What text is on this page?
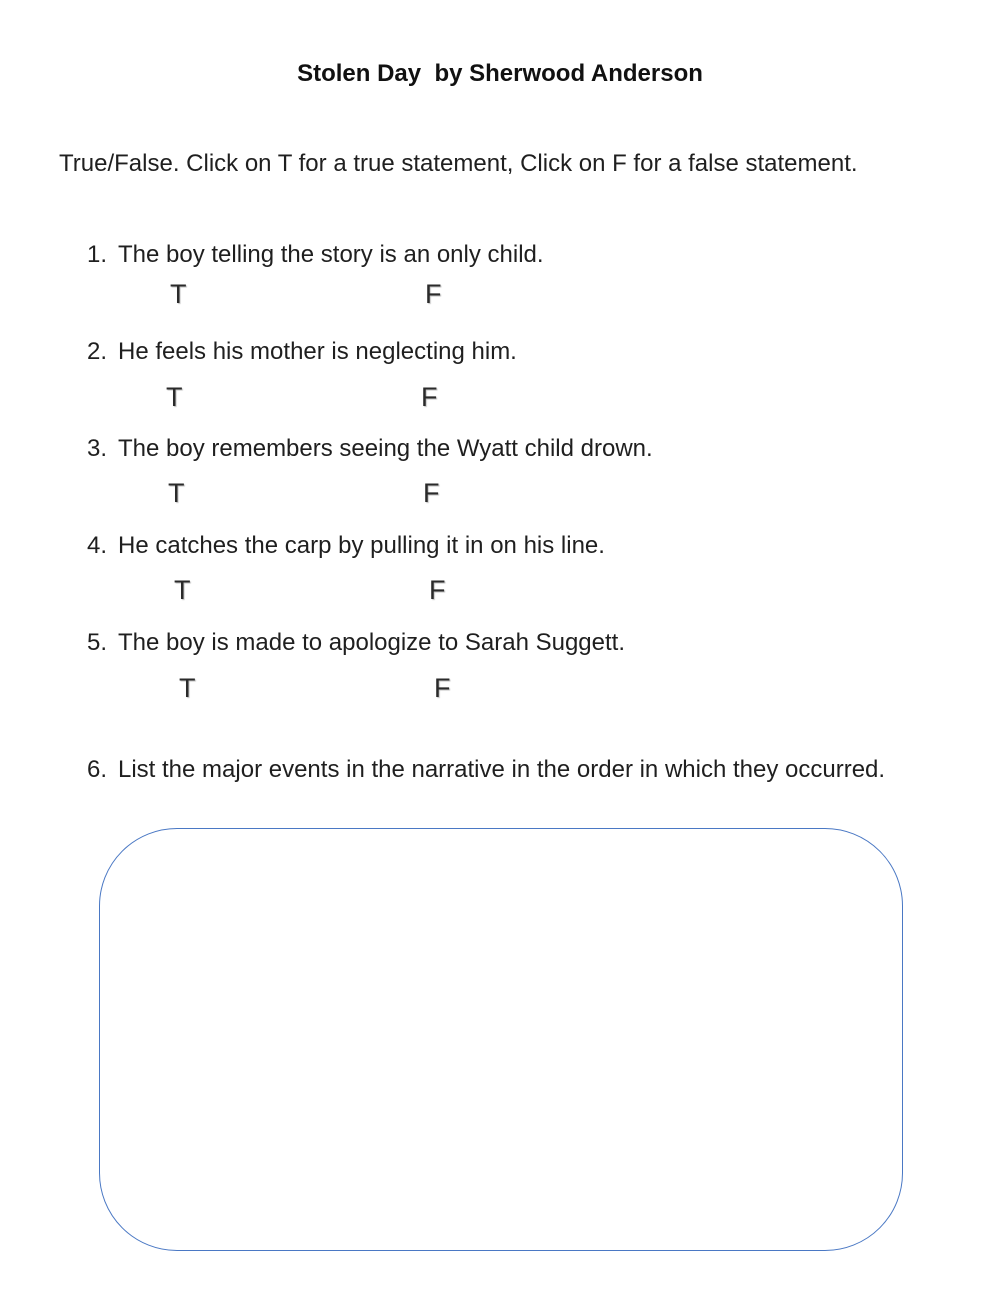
Stolen Day  by Sherwood Anderson
True/False. Click on T for a true statement, Click on F for a false statement.
1. The boy telling the story is an only child.
T	F
2. He feels his mother is neglecting him.
T	F
3. The boy remembers seeing the Wyatt child drown.
T	F
4. He catches the carp by pulling it in on his line.
T	F
5. The boy is made to apologize to Sarah Suggett.
T	F
6. List the major events in the narrative in the order in which they occurred.
